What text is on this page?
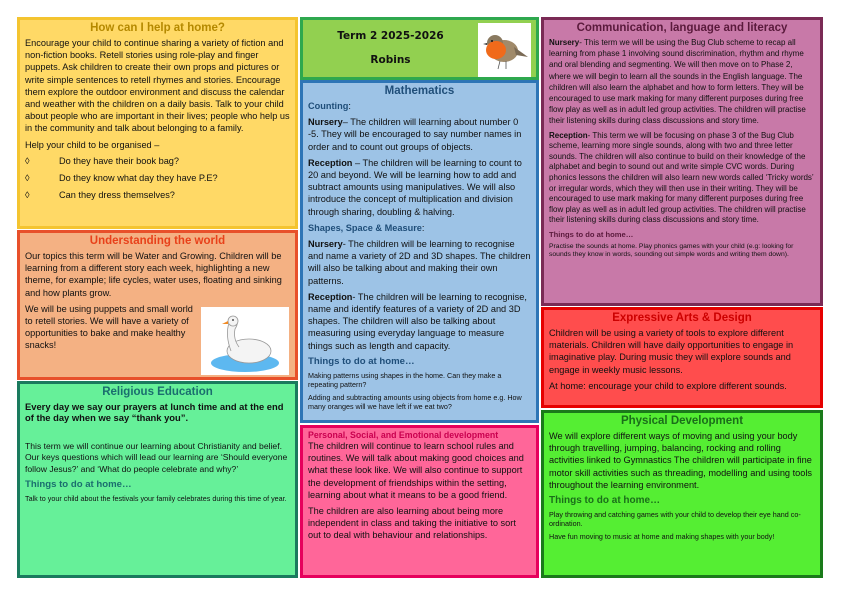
How can I help at home?

Encourage your child to continue sharing a variety of fiction and non-fiction books. Retell stories using role-play and finger puppets. Ask children to create their own props and pictures or write simple sentences to retell rhymes and stories. Encourage them explore the outdoor environment and discuss the calendar and weather with the children on a daily basis. Talk to your child about people who are important in their lives; people who help us in the community and talk about belonging to a family.

Help your child to be organised –

◊	Do they have their book bag?
◊	Do they know what day they have P.E?
◊	Can they dress themselves?
Understanding the world

Our topics this term will be Water and Growing. Children will be learning from a different story each week, highlighting a new theme, for example; life cycles, water uses, floating and sinking and how plants grow.

We will be using puppets and small world to retell stories. We will have a variety of opportunities to bake and make healthy snacks!

Religious Education

Every day we say our prayers at lunch time and at the end of the day when we say “thank you”.

This term we will continue our learning about Christianity and belief. Our keys questions which will lead our learning are ‘Should everyone follow Jesus?’ and ‘What do people celebrate and why?’

Things to do at home…

Talk to your child about the festivals your family celebrates during this time of year.

Term 2 2025-2026
Robins
Mathematics

Counting:

Nursery– The children will learning about number 0 -5. They will be encouraged to say number names in order and to count out groups of objects.

Reception – The children will be learning to count to 20 and beyond. We will be learning how to add and subtract amounts using manipulatives. We will also introduce the concept of multiplication and division through sharing, doubling & halving.

Shapes, Space & Measure:

Nursery- The children will be learning to recognise and name a variety of 2D and 3D shapes. The children will also be talking about and making their own patterns.

Reception- The children will be learning to recognise, name and identify features of a variety of 2D and 3D shapes. The children will also be talking about measuring using everyday language to measure things such as length and capacity.

Things to do at home…

Making patterns using shapes in the home. Can they make a repeating pattern?

Adding and subtracting amounts using objects from home e.g. How many oranges will we have left if we eat two?

Personal, Social, and Emotional development

The children will continue to learn school rules and routines. We will talk about making good choices and what these look like. We will also continue to support the development of friendships within the setting, learning about what it means to be a good friend.

The children are also learning about being more independent in class and taking the initiative to sort out to deal with behaviour and relationships.

Communication, language and literacy

Nursery- This term we will be using the Bug Club scheme to recap all learning from phase 1 involving sound discrimination, rhythm and rhyme and oral blending and segmenting. We will then move on to Phase 2, where we will begin to learn all the sounds in the English language. The children will also learn the alphabet and how to form letters. They will be encouraged to use mark making for many different purposes during free flow play as well as in adult led group activities. The children will practise their listening skills during class discussions and story time.

Reception- This term we will be focusing on phase 3 of the Bug Club scheme, learning more single sounds, along with two and three letter sounds. The children will also continue to build on their knowledge of the alphabet and begin to sound out and write simple CVC words. During phonics lessons the children will also learn new words called ‘Tricky words’ or irregular words, which they will then use in their writing. They will be encouraged to use mark making for many different purposes during free flow play as well as in adult led group activities. The children will practise their listening skills during class discussions and story time.

Things to do at home…

Practise the sounds at home. Play phonics games with your child (e.g: looking for sounds they know in words, sounding out simple words and writing them down).

Expressive Arts & Design

Children will be using a variety of tools to explore different materials. Children will have daily opportunities to engage in imaginative play. During music they will explore sounds and engage in weekly music lessons.

At home: encourage your child to explore different sounds.

Physical Development

We will explore different ways of moving and using your body through travelling, jumping, balancing, rocking and rolling activities linked to Gymnastics The children will participate in fine motor skill activities such as threading, modelling and using tools throughout the learning environment.

Things to do at home…

Play throwing and catching games with your child to develop their eye hand co-ordination.

Have fun moving to music at home and making shapes with your body!
